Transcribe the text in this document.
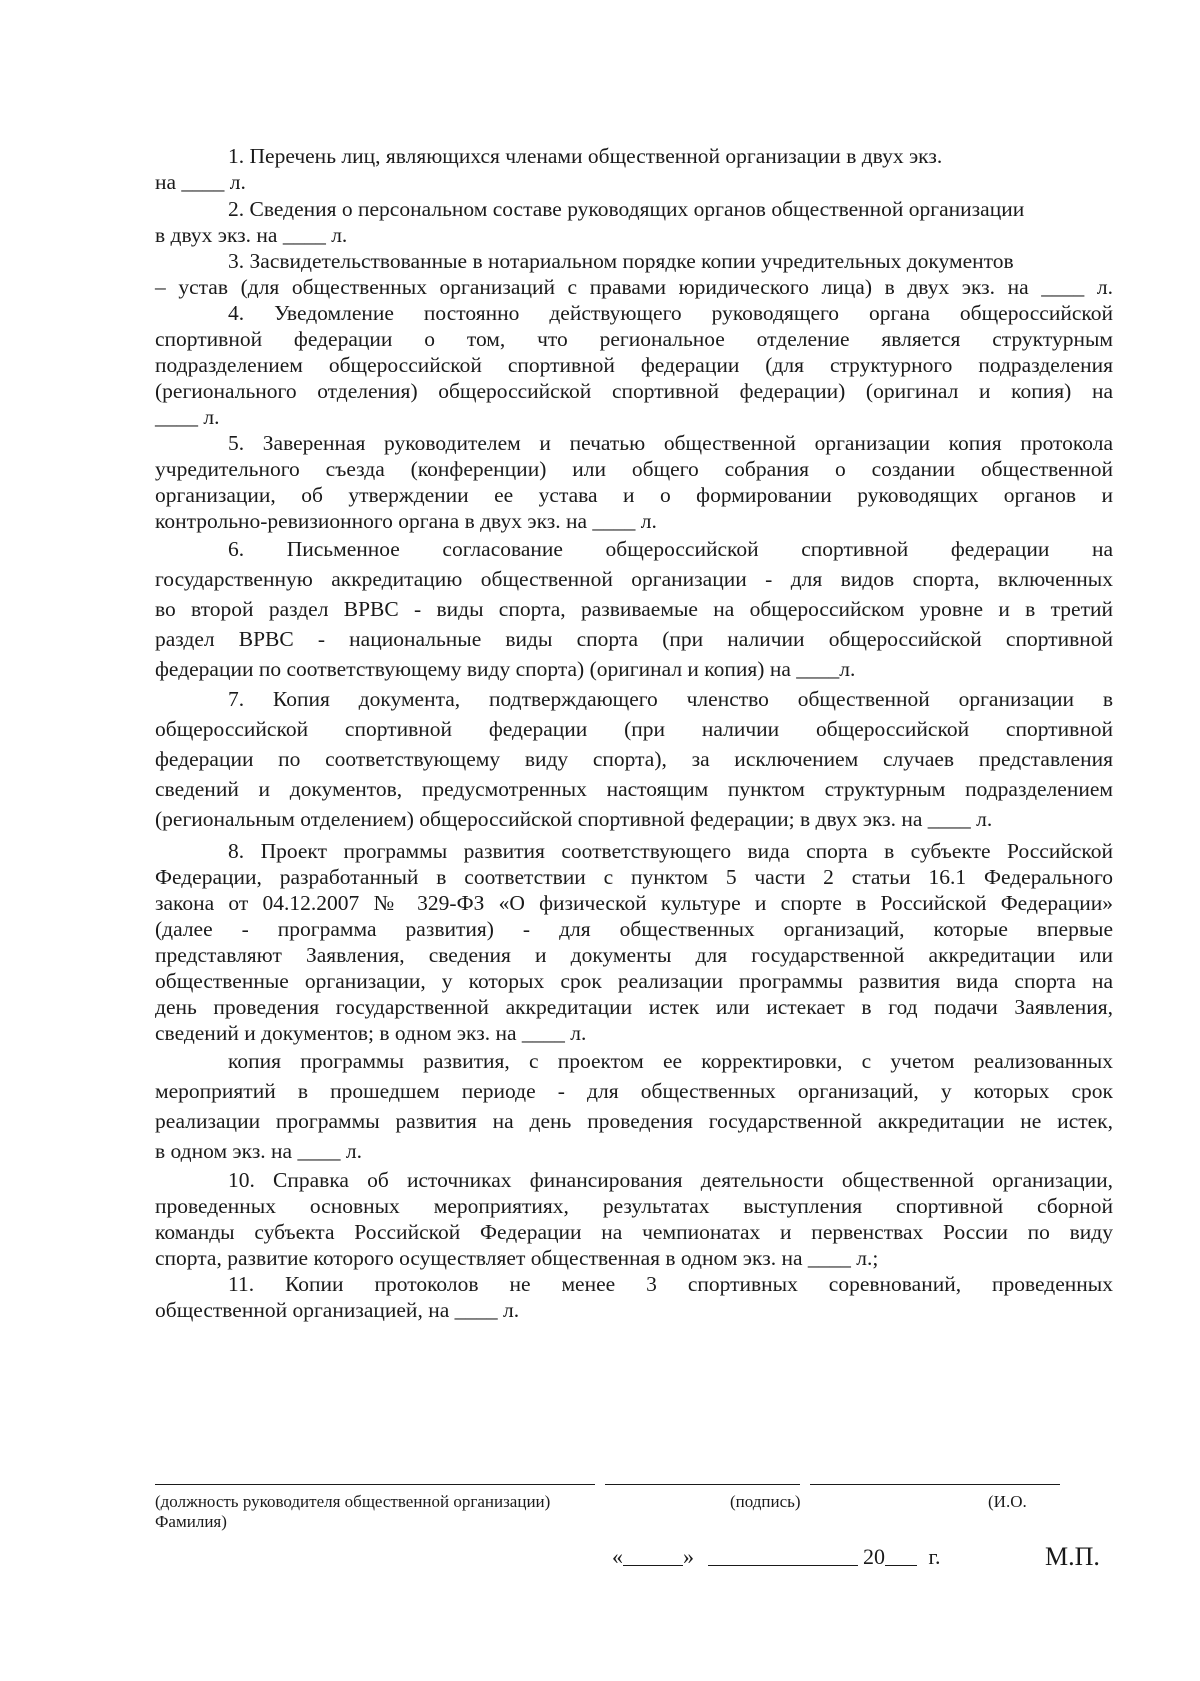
1. Перечень лиц, являющихся членами общественной организации в двух экз.
на ____ л.
2. Сведения о персональном составе руководящих органов общественной организации
в двух экз. на ____ л.
3. Засвидетельствованные в нотариальном порядке копии учредительных документов
– устав (для общественных организаций с правами юридического лица) в двух экз. на ____ л.
4. Уведомление постоянно действующего руководящего органа общероссийской
спортивной федерации о том, что региональное отделение является структурным
подразделением общероссийской спортивной федерации (для структурного подразделения
(регионального отделения) общероссийской спортивной федерации) (оригинал и копия) на
____ л.
5. Заверенная руководителем и печатью общественной организации копия протокола
учредительного съезда (конференции) или общего собрания о создании общественной
организации, об утверждении ее устава и о формировании руководящих органов и
контрольно-ревизионного органа в двух экз. на ____ л.
6. Письменное согласование общероссийской спортивной федерации на
государственную аккредитацию общественной организации - для видов спорта, включенных
во второй раздел ВРВС - виды спорта, развиваемые на общероссийском уровне и в третий
раздел ВРВС - национальные виды спорта (при наличии общероссийской спортивной
федерации по соответствующему виду спорта) (оригинал и копия) на ____л.
7. Копия документа, подтверждающего членство общественной организации в
общероссийской спортивной федерации (при наличии общероссийской спортивной
федерации по соответствующему виду спорта), за исключением случаев представления
сведений и документов, предусмотренных настоящим пунктом структурным подразделением
(региональным отделением) общероссийской спортивной федерации; в двух экз. на ____ л.
8. Проект программы развития соответствующего вида спорта в субъекте Российской
Федерации, разработанный в соответствии с пунктом 5 части 2 статьи 16.1 Федерального
закона от 04.12.2007 № 329-ФЗ «О физической культуре и спорте в Российской Федерации»
(далее - программа развития) - для общественных организаций, которые впервые
представляют Заявления, сведения и документы для государственной аккредитации или
общественные организации, у которых срок реализации программы развития вида спорта на
день проведения государственной аккредитации истек или истекает в год подачи Заявления,
сведений и документов; в одном экз. на ____ л.
копия программы развития, с проектом ее корректировки, с учетом реализованных
мероприятий в прошедшем периоде - для общественных организаций, у которых срок
реализации программы развития на день проведения государственной аккредитации не истек,
в одном экз. на ____ л.
10. Справка об источниках финансирования деятельности общественной организации,
проведенных основных мероприятиях, результатах выступления спортивной сборной
команды субъекта Российской Федерации на чемпионатах и первенствах России по виду
спорта, развитие которого осуществляет общественная в одном экз. на ____ л.;
11. Копии протоколов не менее 3 спортивных соревнований, проведенных
общественной организацией, на ____ л.
(должность руководителя общественной организации)
Фамилия)
(подпись)	(И.О.
«	»	20 г.	М.П.
